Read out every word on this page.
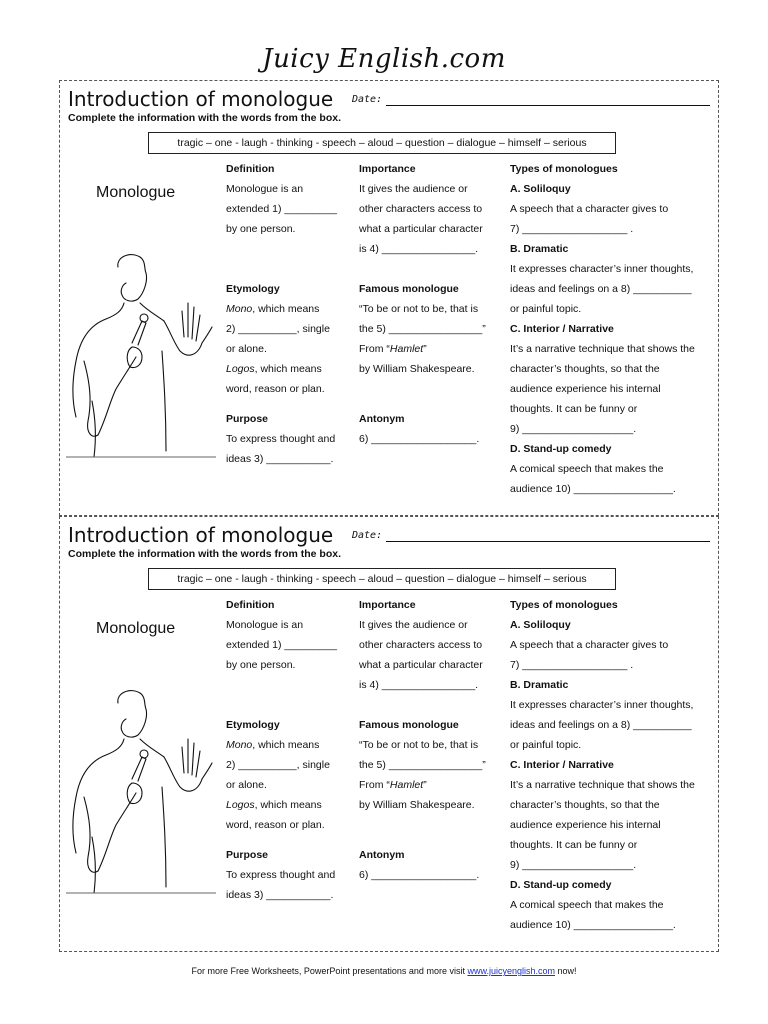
Juicy English.com
Introduction of monologue Date:
Complete the information with the words from the box.
tragic – one - laugh - thinking - speech – aloud – question – dialogue – himself – serious
Monologue
Definition
Monologue is an
extended 1) _________
by one person.
Etymology
Mono, which means
2) __________, single
or alone.
Logos, which means
word, reason or plan.
Purpose
To express thought and
ideas 3) ___________.
Importance
It gives the audience or
other characters access to
what a particular character
is 4) ________________.
Famous monologue
“To be or not to be, that is
the 5) ________________”
From “Hamlet”
by William Shakespeare.
Antonym
6) __________________.
Types of monologues
A. Soliloquy
A speech that a character gives to
7) __________________ .
B. Dramatic
It expresses character’s inner thoughts,
ideas and feelings on a 8) __________
or painful topic.
C. Interior / Narrative
It’s a narrative technique that shows the
character’s thoughts, so that the
audience experience his internal
thoughts. It can be funny or
9) ___________________.
D. Stand-up comedy
A comical speech that makes the
audience 10) _________________.
Introduction of monologue Date:
Complete the information with the words from the box.
tragic – one - laugh - thinking - speech – aloud – question – dialogue – himself – serious
Monologue
Definition
Monologue is an
extended 1) _________
by one person.
Etymology
Mono, which means
2) __________, single
or alone.
Logos, which means
word, reason or plan.
Purpose
To express thought and
ideas 3) ___________.
Importance
It gives the audience or
other characters access to
what a particular character
is 4) ________________.
Famous monologue
“To be or not to be, that is
the 5) ________________”
From “Hamlet”
by William Shakespeare.
Antonym
6) __________________.
Types of monologues
A. Soliloquy
A speech that a character gives to
7) __________________ .
B. Dramatic
It expresses character’s inner thoughts,
ideas and feelings on a 8) __________
or painful topic.
C. Interior / Narrative
It’s a narrative technique that shows the
character’s thoughts, so that the
audience experience his internal
thoughts. It can be funny or
9) ___________________.
D. Stand-up comedy
A comical speech that makes the
audience 10) _________________.
For more Free Worksheets, PowerPoint presentations and more visit www.juicyenglish.com now!
